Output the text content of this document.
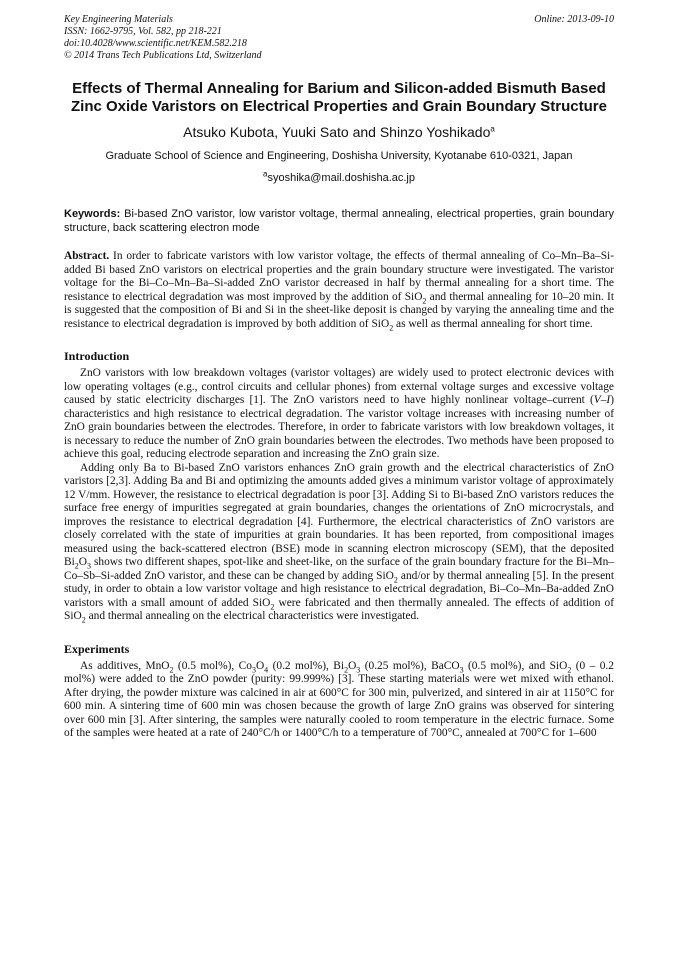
Key Engineering Materials
ISSN: 1662-9795, Vol. 582, pp 218-221
doi:10.4028/www.scientific.net/KEM.582.218
© 2014 Trans Tech Publications Ltd, Switzerland
Online: 2013-09-10
Effects of Thermal Annealing for Barium and Silicon-added Bismuth Based Zinc Oxide Varistors on Electrical Properties and Grain Boundary Structure
Atsuko Kubota, Yuuki Sato and Shinzo Yoshikado$^a$
Graduate School of Science and Engineering, Doshisha University, Kyotanabe 610-0321, Japan
$^a$syoshika@mail.doshisha.ac.jp
Keywords: Bi-based ZnO varistor, low varistor voltage, thermal annealing, electrical properties, grain boundary structure, back scattering electron mode
Abstract. In order to fabricate varistors with low varistor voltage, the effects of thermal annealing of Co–Mn–Ba–Si-added Bi based ZnO varistors on electrical properties and the grain boundary structure were investigated. The varistor voltage for the Bi–Co–Mn–Ba–Si-added ZnO varistor decreased in half by thermal annealing for a short time. The resistance to electrical degradation was most improved by the addition of SiO$_2$ and thermal annealing for 10–20 min. It is suggested that the composition of Bi and Si in the sheet-like deposit is changed by varying the annealing time and the resistance to electrical degradation is improved by both addition of SiO$_2$ as well as thermal annealing for short time.
Introduction

ZnO varistors with low breakdown voltages (varistor voltages) are widely used to protect electronic devices with low operating voltages (e.g., control circuits and cellular phones) from external voltage surges and excessive voltage caused by static electricity discharges [1]. The ZnO varistors need to have highly nonlinear voltage–current (V–I) characteristics and high resistance to electrical degradation. The varistor voltage increases with increasing number of ZnO grain boundaries between the electrodes. Therefore, in order to fabricate varistors with low breakdown voltages, it is necessary to reduce the number of ZnO grain boundaries between the electrodes. Two methods have been proposed to achieve this goal, reducing electrode separation and increasing the ZnO grain size.

Adding only Ba to Bi-based ZnO varistors enhances ZnO grain growth and the electrical characteristics of ZnO varistors [2,3]. Adding Ba and Bi and optimizing the amounts added gives a minimum varistor voltage of approximately 12 V/mm. However, the resistance to electrical degradation is poor [3]. Adding Si to Bi-based ZnO varistors reduces the surface free energy of impurities segregated at grain boundaries, changes the orientations of ZnO microcrystals, and improves the resistance to electrical degradation [4]. Furthermore, the electrical characteristics of ZnO varistors are closely correlated with the state of impurities at grain boundaries. It has been reported, from compositional images measured using the back-scattered electron (BSE) mode in scanning electron microscopy (SEM), that the deposited $Bi_2O_3$ shows two different shapes, spot-like and sheet-like, on the surface of the grain boundary fracture for the Bi–Mn–Co–Sb–Si-added ZnO varistor, and these can be changed by adding SiO$_2$ and/or by thermal annealing [5]. In the present study, in order to obtain a low varistor voltage and high resistance to electrical degradation, Bi–Co–Mn–Ba-added ZnO varistors with a small amount of added SiO$_2$ were fabricated and then thermally annealed. The effects of addition of SiO$_2$ and thermal annealing on the electrical characteristics were investigated.

Experiments

As additives, MnO$_2$ (0.5 mol%), $Co_3O_4$ (0.2 mol%), $Bi_2O_3$ (0.25 mol%), BaCO$_3$ (0.5 mol%), and SiO$_2$ (0 – 0.2 mol%) were added to the ZnO powder (purity: 99.999%) [3]. These starting materials were wet mixed with ethanol. After drying, the powder mixture was calcined in air at 600°C for 300 min, pulverized, and sintered in air at 1150°C for 600 min. A sintering time of 600 min was chosen because the growth of large ZnO grains was observed for sintering over 600 min [3]. After sintering, the samples were naturally cooled to room temperature in the electric furnace. Some of the samples were heated at a rate of 240°C/h or 1400°C/h to a temperature of 700°C, annealed at 700°C for 1–600
